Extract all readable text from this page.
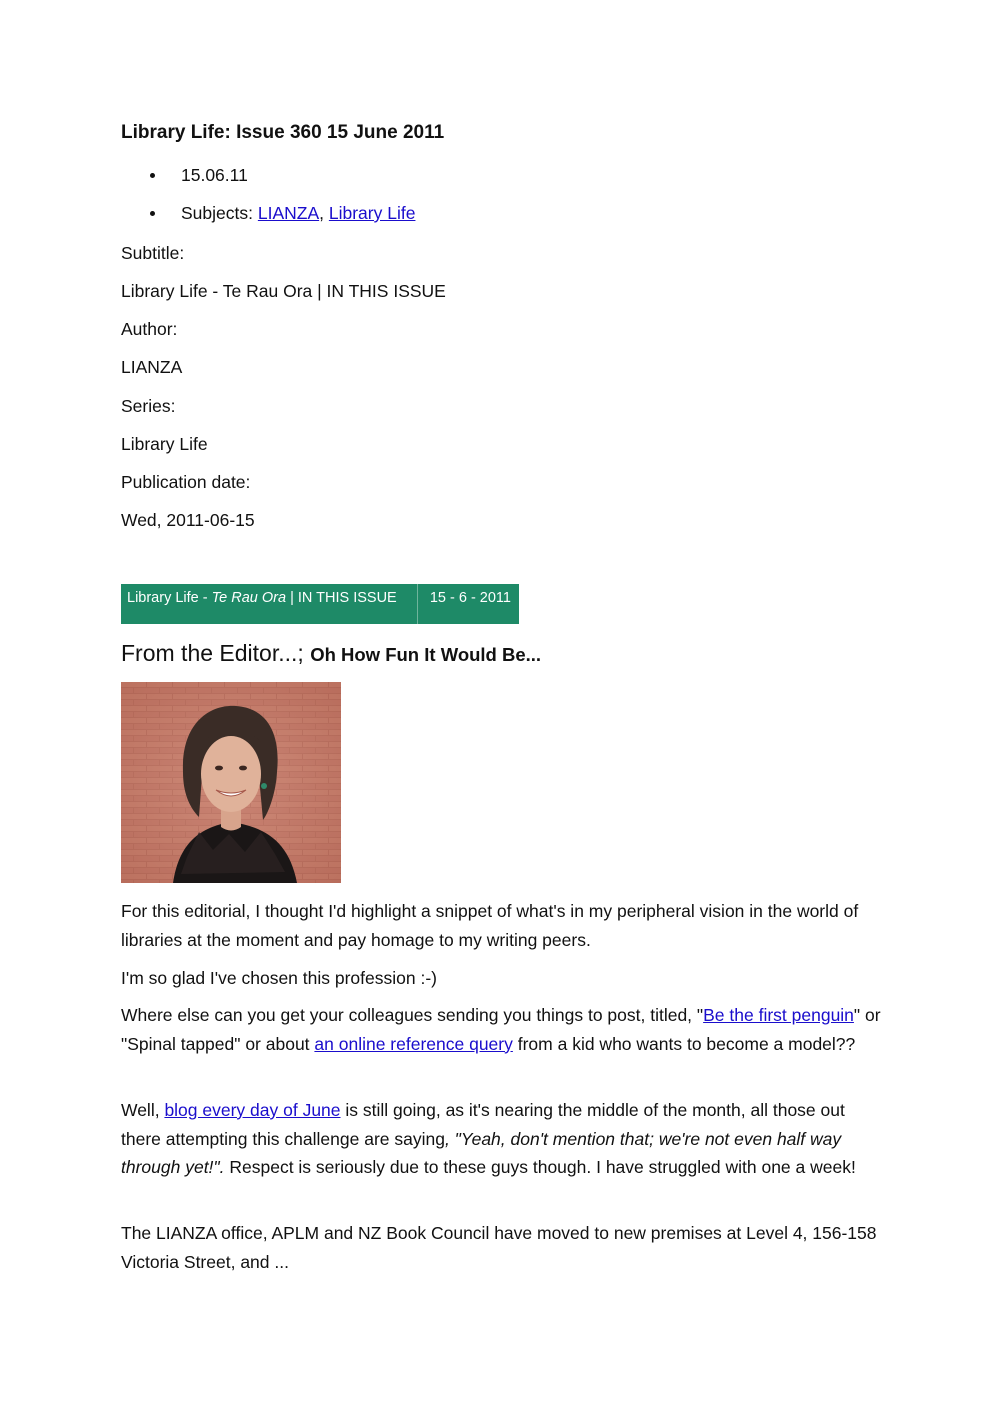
Library Life: Issue 360 15 June 2011
15.06.11
Subjects: LIANZA, Library Life
Subtitle:
Library Life - Te Rau Ora | IN THIS ISSUE
Author:
LIANZA
Series:
Library Life
Publication date:
Wed, 2011-06-15
Library Life - Te Rau Ora | IN THIS ISSUE	15 - 6 - 2011
From the Editor...; Oh How Fun It Would Be...

For this editorial, I thought I'd highlight a snippet of what's in my peripheral vision in the world of libraries at the moment and pay homage to my writing peers.

I'm so glad I've chosen this profession :-)

Where else can you get your colleagues sending you things to post, titled, "Be the first penguin" or "Spinal tapped" or about an online reference query from a kid who wants to become a model??

Well, blog every day of June is still going, as it's nearing the middle of the month, all those out there attempting this challenge are saying, "Yeah, don't mention that; we're not even half way through yet!". Respect is seriously due to these guys though. I have struggled with one a week!

The LIANZA office, APLM and NZ Book Council have moved to new premises at Level 4, 156-158 Victoria Street, and ...
